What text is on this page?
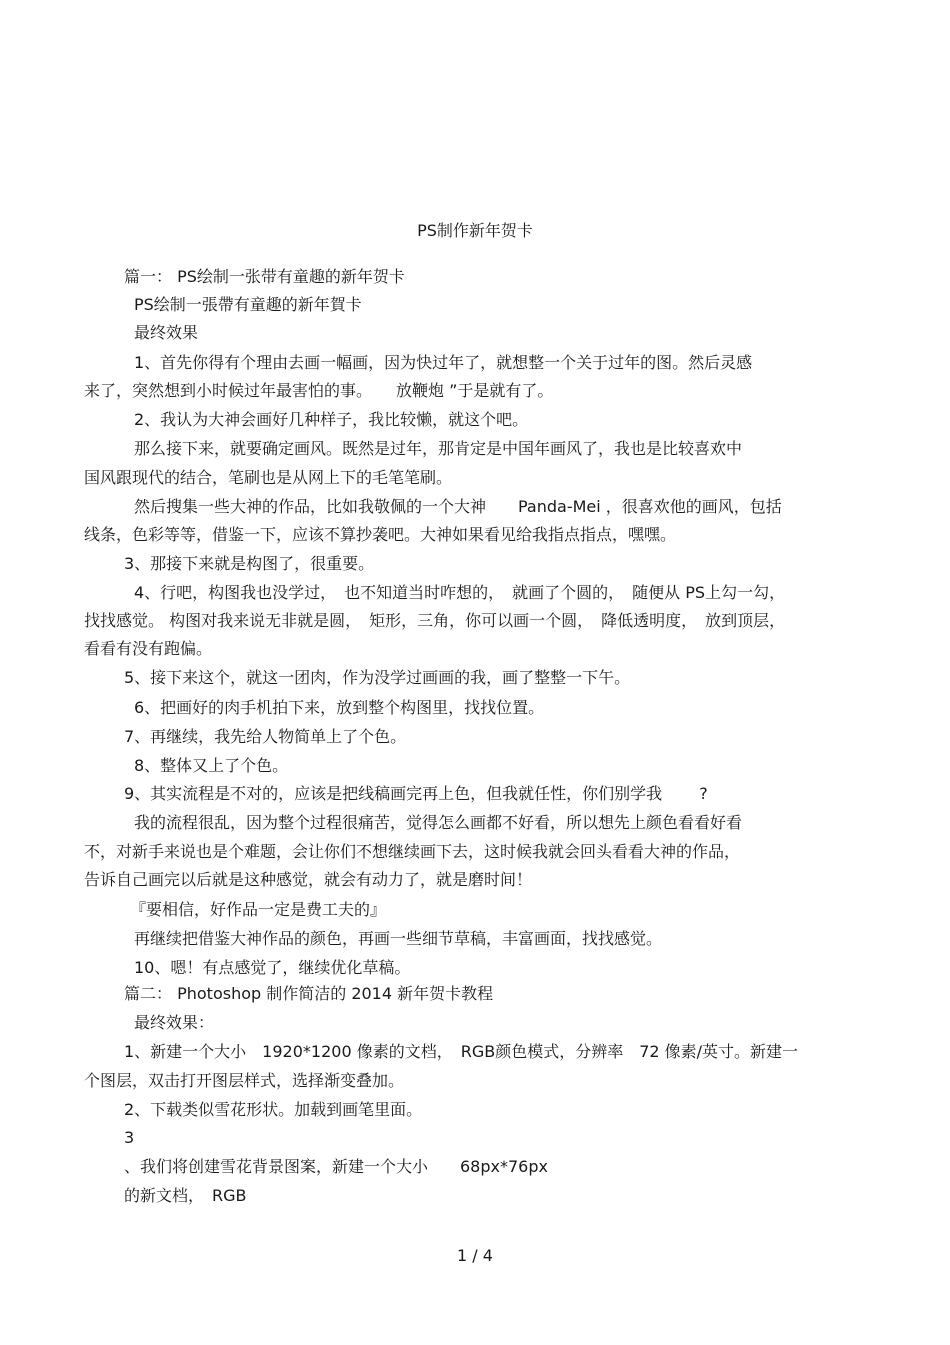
PS制作新年贺卡
篇一： PS绘制一张带有童趣的新年贺卡
PS绘制一張帶有童趣的新年賀卡
最终效果
1、首先你得有个理由去画一幅画，因为快过年了，就想整一个关于过年的图。然后灵感
来了，突然想到小时候过年最害怕的事。　　放鞭炮 ”于是就有了。
2、我认为大神会画好几种样子，我比较懒，就这个吧。
那么接下来，就要确定画风。既然是过年，那肯定是中国年画风了，我也是比较喜欢中
国风跟现代的结合，笔刷也是从网上下的毛笔笔刷。
然后搜集一些大神的作品，比如我敬佩的一个大神　　Panda-Mei ，很喜欢他的画风，包括
线条，色彩等等，借鉴一下，应该不算抄袭吧。大神如果看见给我指点指点，嘿嘿。
3、那接下来就是构图了，很重要。
4、行吧，构图我也没学过，　也不知道当时咋想的，　就画了个圆的，　随便从 PS上勾一勾，
找找感觉。 构图对我来说无非就是圆，　矩形，三角，你可以画一个圆，　降低透明度，　放到顶层，
看看有没有跑偏。
5、接下来这个，就这一团肉，作为没学过画画的我，画了整整一下午。
6、把画好的肉手机拍下来，放到整个构图里，找找位置。
7、再继续，我先给人物简单上了个色。
8、整体又上了个色。
9、其实流程是不对的，应该是把线稿画完再上色，但我就任性，你们别学我　　 ?
我的流程很乱，因为整个过程很痛苦，觉得怎么画都不好看，所以想先上颜色看看好看
不，对新手来说也是个难题，会让你们不想继续画下去，这时候我就会回头看看大神的作品，
告诉自己画完以后就是这种感觉，就会有动力了，就是磨时间！
『要相信，好作品一定是费工夫的』
再继续把借鉴大神作品的颜色，再画一些细节草稿，丰富画面，找找感觉。
10、嗯！有点感觉了，继续优化草稿。
篇二： Photoshop 制作简洁的 2014 新年贺卡教程
最终效果：
1、新建一个大小　1920*1200 像素的文档，　RGB颜色模式，分辨率　72 像素/英寸。新建一
个图层，双击打开图层样式，选择渐变叠加。
2、下载类似雪花形状。加载到画笔里面。
3
、我们将创建雪花背景图案，新建一个大小　　68px*76px
的新文档，　RGB
1 / 4
